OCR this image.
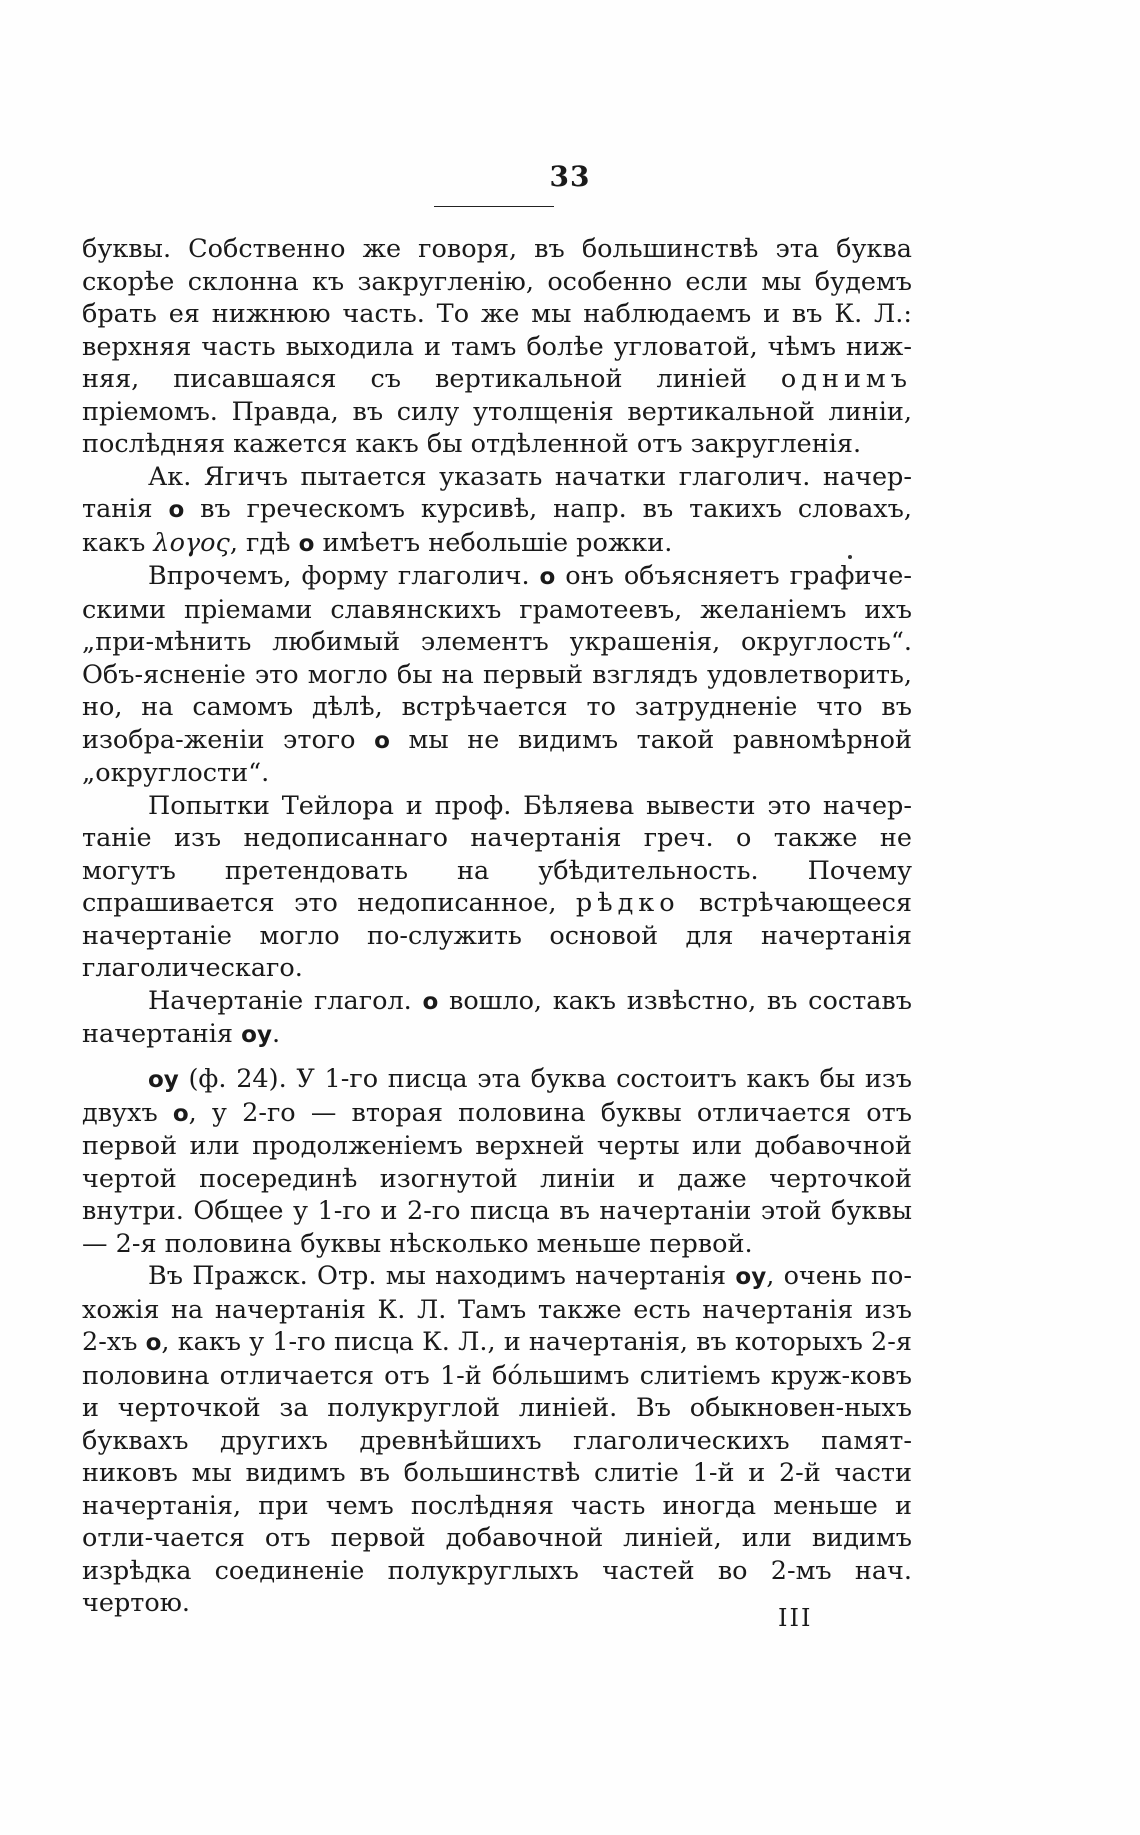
33

буквы. Собственно же говоря, въ большинствѣ эта буква скорѣе склонна къ закругленію, особенно если мы будемъ брать ея нижнюю часть. То же мы наблюдаемъ и въ К. Л.: верхняя часть выходила и тамъ болѣе угловатой, чѣмъ ниж-няя, писавшаяся съ вертикальной линіей однимъ пріемомъ. Правда, въ силу утолщенія вертикальной линіи, послѣдняя кажется какъ бы отдѣленной отъ закругленія.

Ак. Ягичъ пытается указать начатки глаголич. начер-танія о въ греческомъ курсивѣ, напр. въ такихъ словахъ, какъ λογος, гдѣ о имѣетъ небольшіе рожки.

Впрочемъ, форму глаголич. о онъ объясняетъ графиче-скими пріемами славянскихъ грамотеевъ, желаніемъ ихъ „при-мѣнить любимый элементъ украшенія, округлость“. Объ-ясненіе это могло бы на первый взглядъ удовлетворить, но, на самомъ дѣлѣ, встрѣчается то затрудненіе что въ изобра-женіи этого о мы не видимъ такой равномѣрной „округлости“.

Попытки Тейлора и проф. Бѣляева вывести это начер-таніе изъ недописаннаго начертанія греч. о также не могутъ претендовать на убѣдительность. Почему спрашивается это недописанное, рѣдко встрѣчающееся начертаніе могло по-служить основой для начертанія глаголическаго.

Начертаніе глагол. о вошло, какъ извѣстно, въ составъ начертанія оу.

оу (ф. 24). У 1-го писца эта буква состоитъ какъ бы изъ двухъ о, у 2-го — вторая половина буквы отличается отъ первой или продолженіемъ верхней черты или добавочной чертой посерединѣ изогнутой линіи и даже черточкой внутри. Общее у 1-го и 2-го писца въ начертаніи этой буквы — 2-я половина буквы нѣсколько меньше первой.

Въ Пражск. Отр. мы находимъ начертанія оу, очень по-хожія на начертанія К. Л. Тамъ также есть начертанія изъ 2-хъ о, какъ у 1-го писца К. Л., и начертанія, въ которыхъ 2-я половина отличается отъ 1-й бо́льшимъ слитіемъ круж-ковъ и черточкой за полукруглой линіей. Въ обыкновен-ныхъ буквахъ другихъ древнѣйшихъ глаголическихъ памят-никовъ мы видимъ въ большинствѣ слитіе 1-й и 2-й части начертанія, при чемъ послѣдняя часть иногда меньше и отли-чается отъ первой добавочной линіей, или видимъ изрѣдка соединеніе полукруглыхъ частей во 2-мъ нач. чертою.	III
